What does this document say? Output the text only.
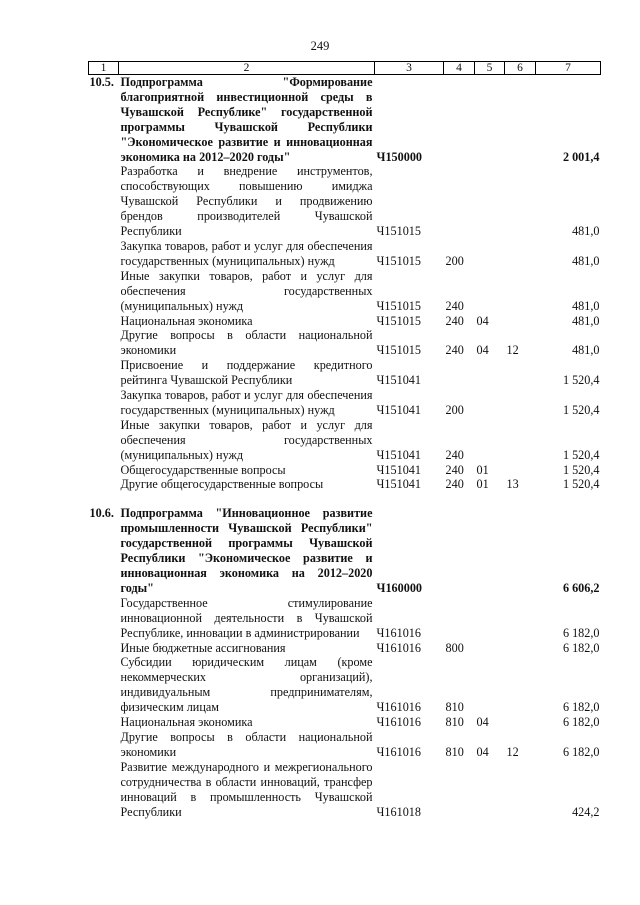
249
1	2	3	4	5	6	7
10.5.	Подпрограмма "Формирование благоприятной инвестиционной среды в Чувашской Республике" государственной программы Чувашской Республики "Экономическое развитие и инновационная экономика на 2012–2020 годы"	Ч150000				2 001,4
	Разработка и внедрение инструментов, способствующих повышению имиджа Чувашской Республики и продвижению брендов производителей Чувашской Республики	Ч151015				481,0
	Закупка товаров, работ и услуг для обеспечения государственных (муниципальных) нужд	Ч151015	200			481,0
	Иные закупки товаров, работ и услуг для обеспечения государственных (муниципальных) нужд	Ч151015	240			481,0
	Национальная экономика	Ч151015	240	04		481,0
	Другие вопросы в области национальной экономики	Ч151015	240	04	12	481,0
	Присвоение и поддержание кредитного рейтинга Чувашской Республики	Ч151041				1 520,4
	Закупка товаров, работ и услуг для обеспечения государственных (муниципальных) нужд	Ч151041	200			1 520,4
	Иные закупки товаров, работ и услуг для обеспечения государственных (муниципальных) нужд	Ч151041	240			1 520,4
	Общегосударственные вопросы	Ч151041	240	01		1 520,4
	Другие общегосударственные вопросы	Ч151041	240	01	13	1 520,4

10.6.	Подпрограмма "Инновационное развитие промышленности Чувашской Республики" государственной программы Чувашской Республики "Экономическое развитие и инновационная экономика на 2012–2020 годы"	Ч160000				6 606,2
	Государственное стимулирование инновационной деятельности в Чувашской Республике, инновации в администрировании	Ч161016				6 182,0
	Иные бюджетные ассигнования	Ч161016	800			6 182,0
	Субсидии юридическим лицам (кроме некоммерческих организаций), индивидуальным предпринимателям, физическим лицам	Ч161016	810			6 182,0
	Национальная экономика	Ч161016	810	04		6 182,0
	Другие вопросы в области национальной экономики	Ч161016	810	04	12	6 182,0
	Развитие международного и межрегионального сотрудничества в области инноваций, трансфер инноваций в промышленность Чувашской Республики	Ч161018				424,2
